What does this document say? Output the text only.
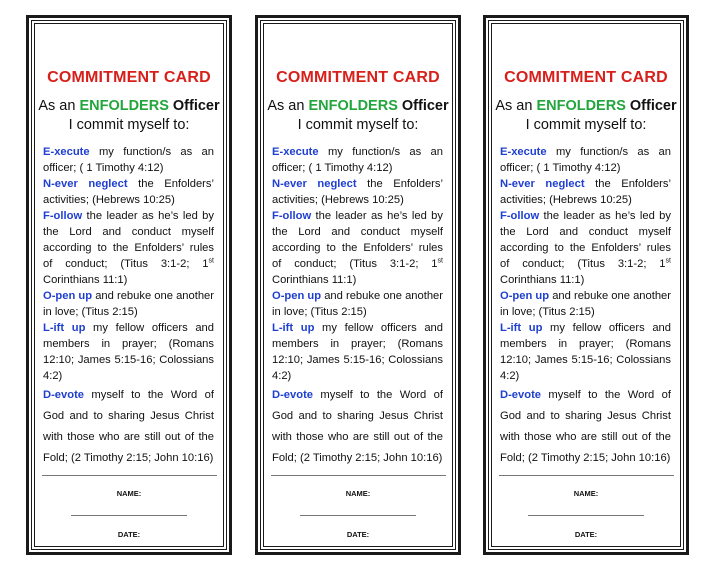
COMMITMENT CARD
As an ENFOLDERS Officer
I commit myself to:
E-xecute my function/s as an officer; ( 1 Timothy 4:12)
N-ever neglect the Enfolders’ activities; (Hebrews 10:25)
F-ollow the leader as he’s led by the Lord and conduct myself according to the Enfolders’ rules of conduct; (Titus 3:1-2; 1st Corinthians 11:1)
O-pen up and rebuke one another in love; (Titus 2:15)
L-ift up my fellow officers and members in prayer; (Romans 12:10; James 5:15-16; Colossians 4:2)
D-evote myself to the Word of God and to sharing Jesus Christ with those who are still out of the Fold; (2 Timothy 2:15; John 10:16)
NAME:
DATE:
COMMITMENT CARD
As an ENFOLDERS Officer
I commit myself to:
E-xecute my function/s as an officer; ( 1 Timothy 4:12)
N-ever neglect the Enfolders’ activities; (Hebrews 10:25)
F-ollow the leader as he’s led by the Lord and conduct myself according to the Enfolders’ rules of conduct; (Titus 3:1-2; 1st Corinthians 11:1)
O-pen up and rebuke one another in love; (Titus 2:15)
L-ift up my fellow officers and members in prayer; (Romans 12:10; James 5:15-16; Colossians 4:2)
D-evote myself to the Word of God and to sharing Jesus Christ with those who are still out of the Fold; (2 Timothy 2:15; John 10:16)
NAME:
DATE:
COMMITMENT CARD
As an ENFOLDERS Officer
I commit myself to:
E-xecute my function/s as an officer; ( 1 Timothy 4:12)
N-ever neglect the Enfolders’ activities; (Hebrews 10:25)
F-ollow the leader as he’s led by the Lord and conduct myself according to the Enfolders’ rules of conduct; (Titus 3:1-2; 1st Corinthians 11:1)
O-pen up and rebuke one another in love; (Titus 2:15)
L-ift up my fellow officers and members in prayer; (Romans 12:10; James 5:15-16; Colossians 4:2)
D-evote myself to the Word of God and to sharing Jesus Christ with those who are still out of the Fold; (2 Timothy 2:15; John 10:16)
NAME:
DATE:
